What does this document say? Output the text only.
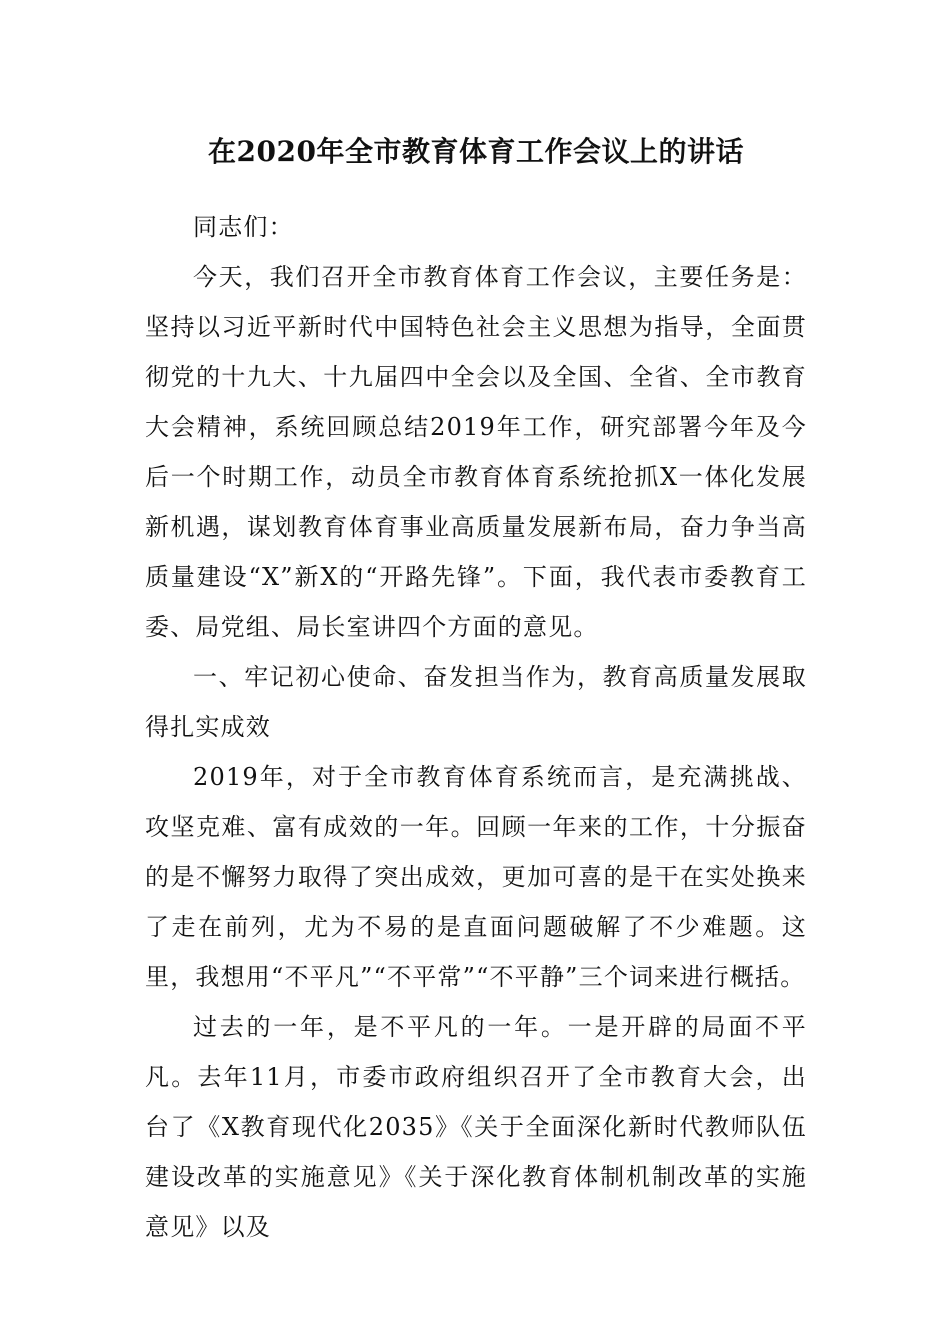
在2020年全市教育体育工作会议上的讲话

同志们：

今天，我们召开全市教育体育工作会议，主要任务是：坚持以习近平新时代中国特色社会主义思想为指导，全面贯彻党的十九大、十九届四中全会以及全国、全省、全市教育大会精神，系统回顾总结2019年工作，研究部署今年及今后一个时期工作，动员全市教育体育系统抢抓X一体化发展新机遇，谋划教育体育事业高质量发展新布局，奋力争当高质量建设“X”新X的“开路先锋”。下面，我代表市委教育工委、局党组、局长室讲四个方面的意见。

一、牢记初心使命、奋发担当作为，教育高质量发展取得扎实成效

2019年，对于全市教育体育系统而言，是充满挑战、攻坚克难、富有成效的一年。回顾一年来的工作，十分振奋的是不懈努力取得了突出成效，更加可喜的是干在实处换来了走在前列，尤为不易的是直面问题破解了不少难题。这里，我想用“不平凡”“不平常”“不平静”三个词来进行概括。

过去的一年，是不平凡的一年。一是开辟的局面不平凡。去年11月，市委市政府组织召开了全市教育大会，出台了《X教育现代化2035》《关于全面深化新时代教师队伍建设改革的实施意见》《关于深化教育体制机制改革的实施意见》以及
